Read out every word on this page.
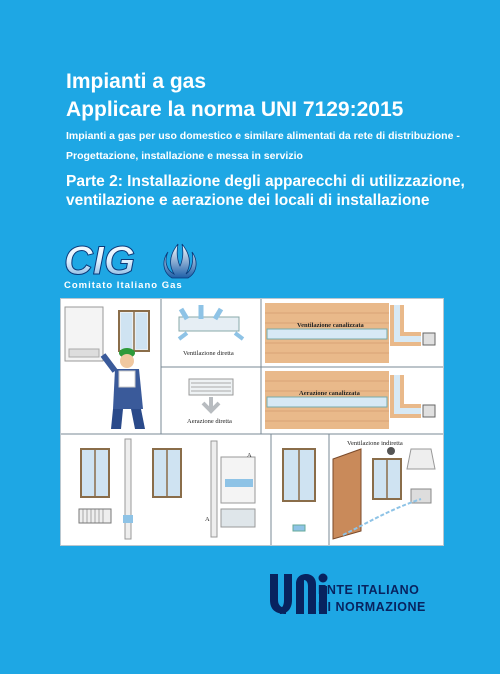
Impianti a gas
Applicare la norma UNI 7129:2015
Impianti a gas per uso domestico e similare alimentati da rete di distribuzione -
Progettazione, installazione e messa in servizio
Parte 2: Installazione degli apparecchi di utilizzazione,
ventilazione e aerazione dei locali di installazione
CIG
Comitato Italiano Gas
Ventilazione diretta
Aerazione diretta
Ventilazione canalizzata
Aerazione canalizzata
A
A
Ventilazione indiretta
ENTE ITALIANO
DI NORMAZIONE
